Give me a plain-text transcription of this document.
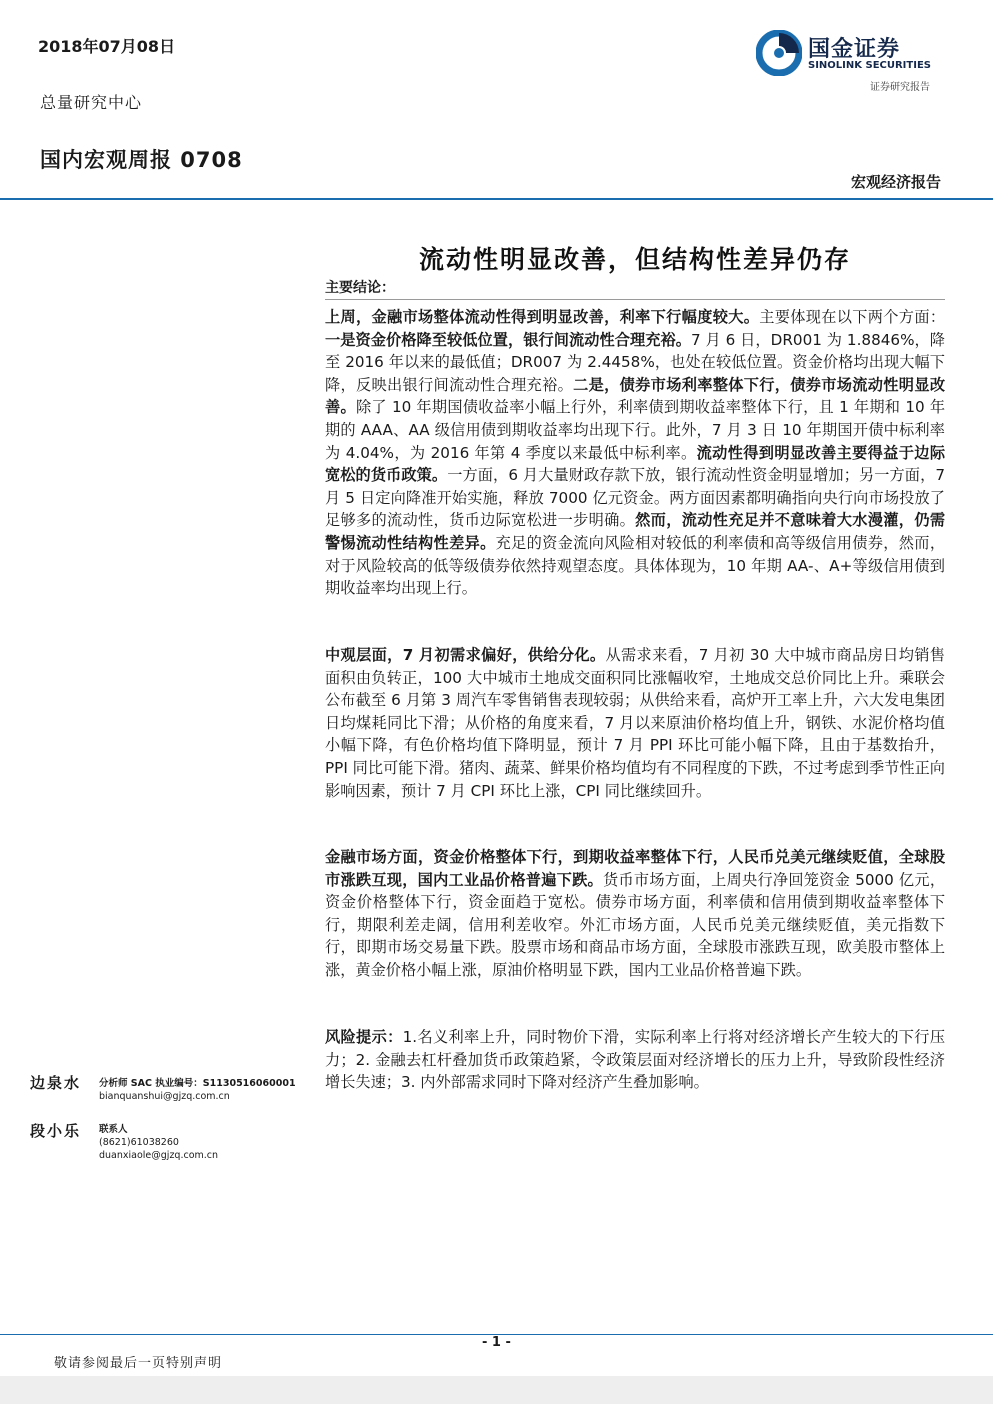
2018年07月08日
总量研究中心
国内宏观周报 0708
国金证券
SINOLINK SECURITIES
证券研究报告
宏观经济报告
流动性明显改善，但结构性差异仍存
主要结论：
上周，金融市场整体流动性得到明显改善，利率下行幅度较大。主要体现在以下两个方面：一是资金价格降至较低位置，银行间流动性合理充裕。7 月 6 日，DR001 为 1.8846%，降至 2016 年以来的最低值；DR007 为 2.4458%，也处在较低位置。资金价格均出现大幅下降，反映出银行间流动性合理充裕。二是，债券市场利率整体下行，债券市场流动性明显改善。除了 10 年期国债收益率小幅上行外，利率债到期收益率整体下行，且 1 年期和 10 年期的 AAA、AA 级信用债到期收益率均出现下行。此外，7 月 3 日 10 年期国开债中标利率为 4.04%，为 2016 年第 4 季度以来最低中标利率。流动性得到明显改善主要得益于边际宽松的货币政策。一方面，6 月大量财政存款下放，银行流动性资金明显增加；另一方面，7 月 5 日定向降准开始实施，释放 7000 亿元资金。两方面因素都明确指向央行向市场投放了足够多的流动性，货币边际宽松进一步明确。然而，流动性充足并不意味着大水漫灌，仍需警惕流动性结构性差异。充足的资金流向风险相对较低的利率债和高等级信用债券，然而，对于风险较高的低等级债券依然持观望态度。具体体现为，10 年期 AA-、A+等级信用债到期收益率均出现上行。
中观层面，7 月初需求偏好，供给分化。从需求来看，7 月初 30 大中城市商品房日均销售面积由负转正，100 大中城市土地成交面积同比涨幅收窄，土地成交总价同比上升。乘联会公布截至 6 月第 3 周汽车零售销售表现较弱；从供给来看，高炉开工率上升，六大发电集团日均煤耗同比下滑；从价格的角度来看，7 月以来原油价格均值上升，钢铁、水泥价格均值小幅下降，有色价格均值下降明显，预计 7 月 PPI 环比可能小幅下降，且由于基数抬升，PPI 同比可能下滑。猪肉、蔬菜、鲜果价格均值均有不同程度的下跌，不过考虑到季节性正向影响因素，预计 7 月 CPI 环比上涨，CPI 同比继续回升。
金融市场方面，资金价格整体下行，到期收益率整体下行，人民币兑美元继续贬值，全球股市涨跌互现，国内工业品价格普遍下跌。货币市场方面，上周央行净回笼资金 5000 亿元，资金价格整体下行，资金面趋于宽松。债券市场方面，利率债和信用债到期收益率整体下行，期限利差走阔，信用利差收窄。外汇市场方面，人民币兑美元继续贬值，美元指数下行，即期市场交易量下跌。股票市场和商品市场方面，全球股市涨跌互现，欧美股市整体上涨，黄金价格小幅上涨，原油价格明显下跌，国内工业品价格普遍下跌。
风险提示：1.名义利率上升，同时物价下滑，实际利率上行将对经济增长产生较大的下行压力；2. 金融去杠杆叠加货币政策趋紧，令政策层面对经济增长的压力上升，导致阶段性经济增长失速；3. 内外部需求同时下降对经济产生叠加影响。
边泉水 分析师 SAC 执业编号：S1130516060001
bianquanshui@gjzq.com.cn
段小乐 联系人
(8621)61038260
duanxiaole@gjzq.com.cn
- 1 -
敬请参阅最后一页特别声明
